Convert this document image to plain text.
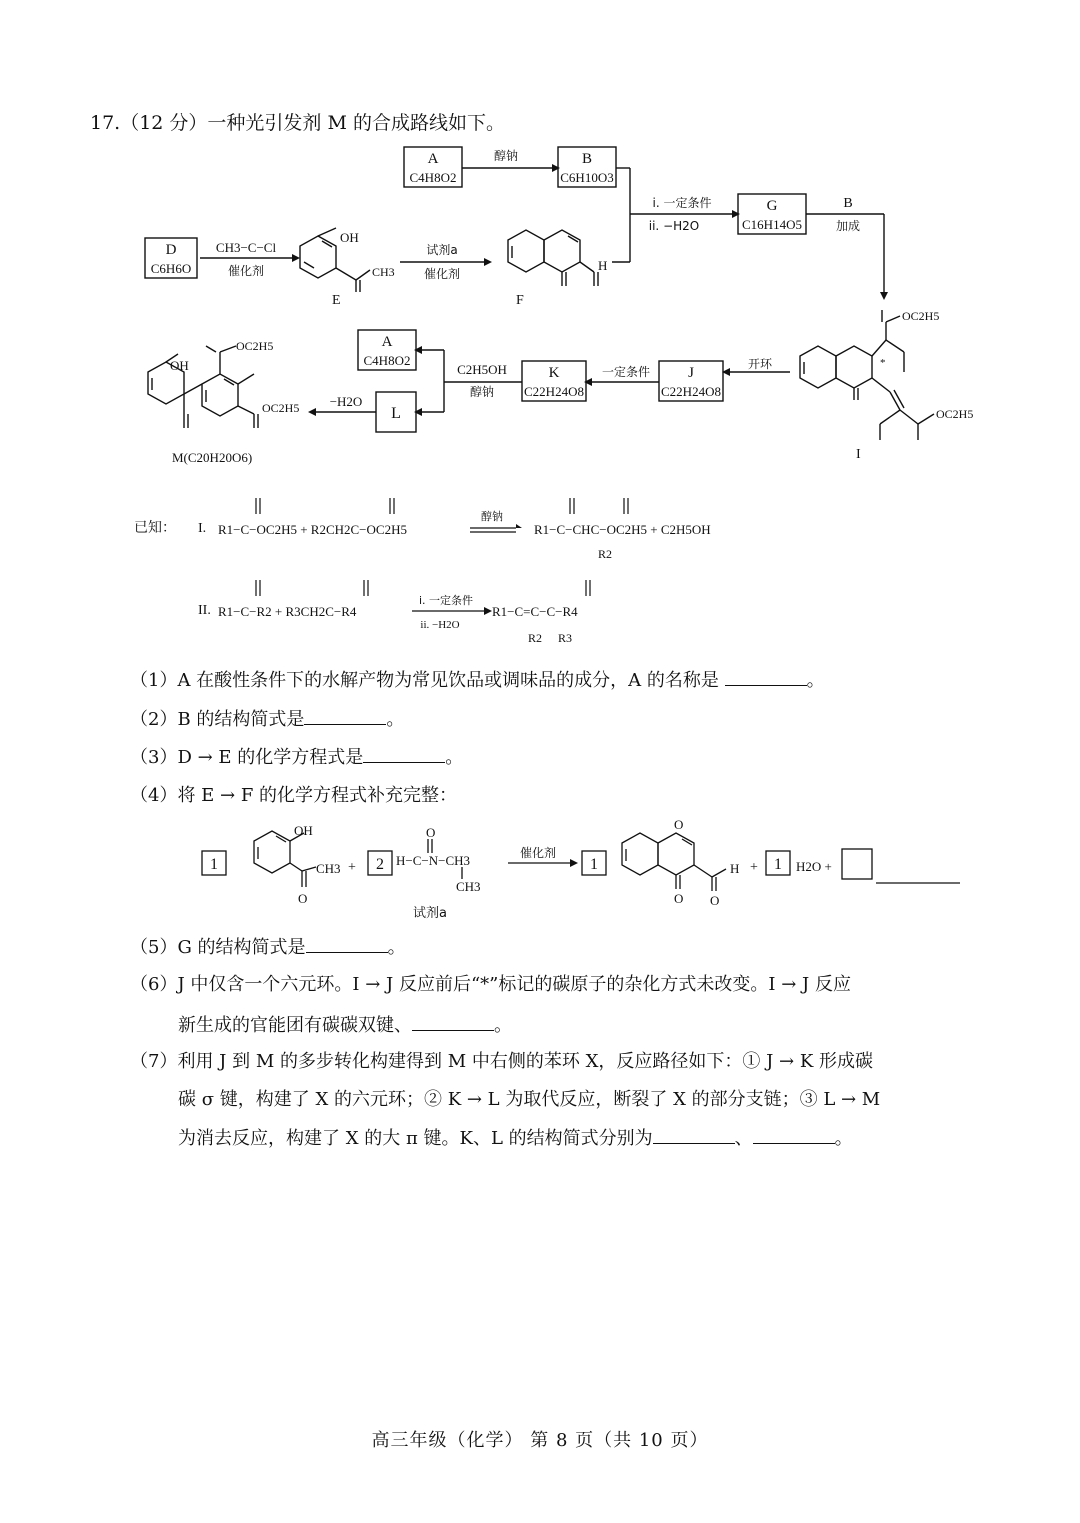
17.（12 分）一种光引发剂 M 的合成路线如下。
A
C4H8O2
B
C6H10O3
D
C6H6O
G
C16H14O5
A
C4H8O2
K
C22H24O8
J
C22H24O8
L
醇钠
i. 一定条件
ii. −H2O
B
加成
CH3−C−Cl
催化剂
试剂a
催化剂
开环
一定条件
C2H5OH
醇钠
−H2O
E	F
I
M(C20H20O6)
OH
CH3	H
OC2H5
OC2H5
*
OH
OC2H5
OC2H5
已知： I. R1−C−OC2H5 + R2CH2C−OC2H5
醇钠
R1−C−CHC−OC2H5 + C2H5OH
R2
II. R1−C−R2 + R3CH2C−R4
i. 一定条件
ii. −H2O
R1−C=C−C−R4
R2 R3
（1）A 在酸性条件下的水解产物为常见饮品或调味品的成分，A 的名称是	。
（2）B 的结构简式是	。
（3）D → E 的化学方程式是	。
（4）将 E → F 的化学方程式补充完整：
1	2	1	1
OH
CH3 +
O
O
H−C−N−CH3
CH3
试剂a
催化剂
O
O O
H +	H2O +
（5）G 的结构简式是	。
（6）J 中仅含一个六元环。I → J 反应前后“*”标记的碳原子的杂化方式未改变。I → J 反应
新生成的官能团有碳碳双键、	。
（7）利用 J 到 M 的多步转化构建得到 M 中右侧的苯环 X，反应路径如下：① J → K 形成碳
碳 σ 键，构建了 X 的六元环；② K → L 为取代反应，断裂了 X 的部分支链；③ L → M
为消去反应，构建了 X 的大 π 键。K、L 的结构简式分别为	、	。
高三年级（化学） 第 8 页（共 10 页）
